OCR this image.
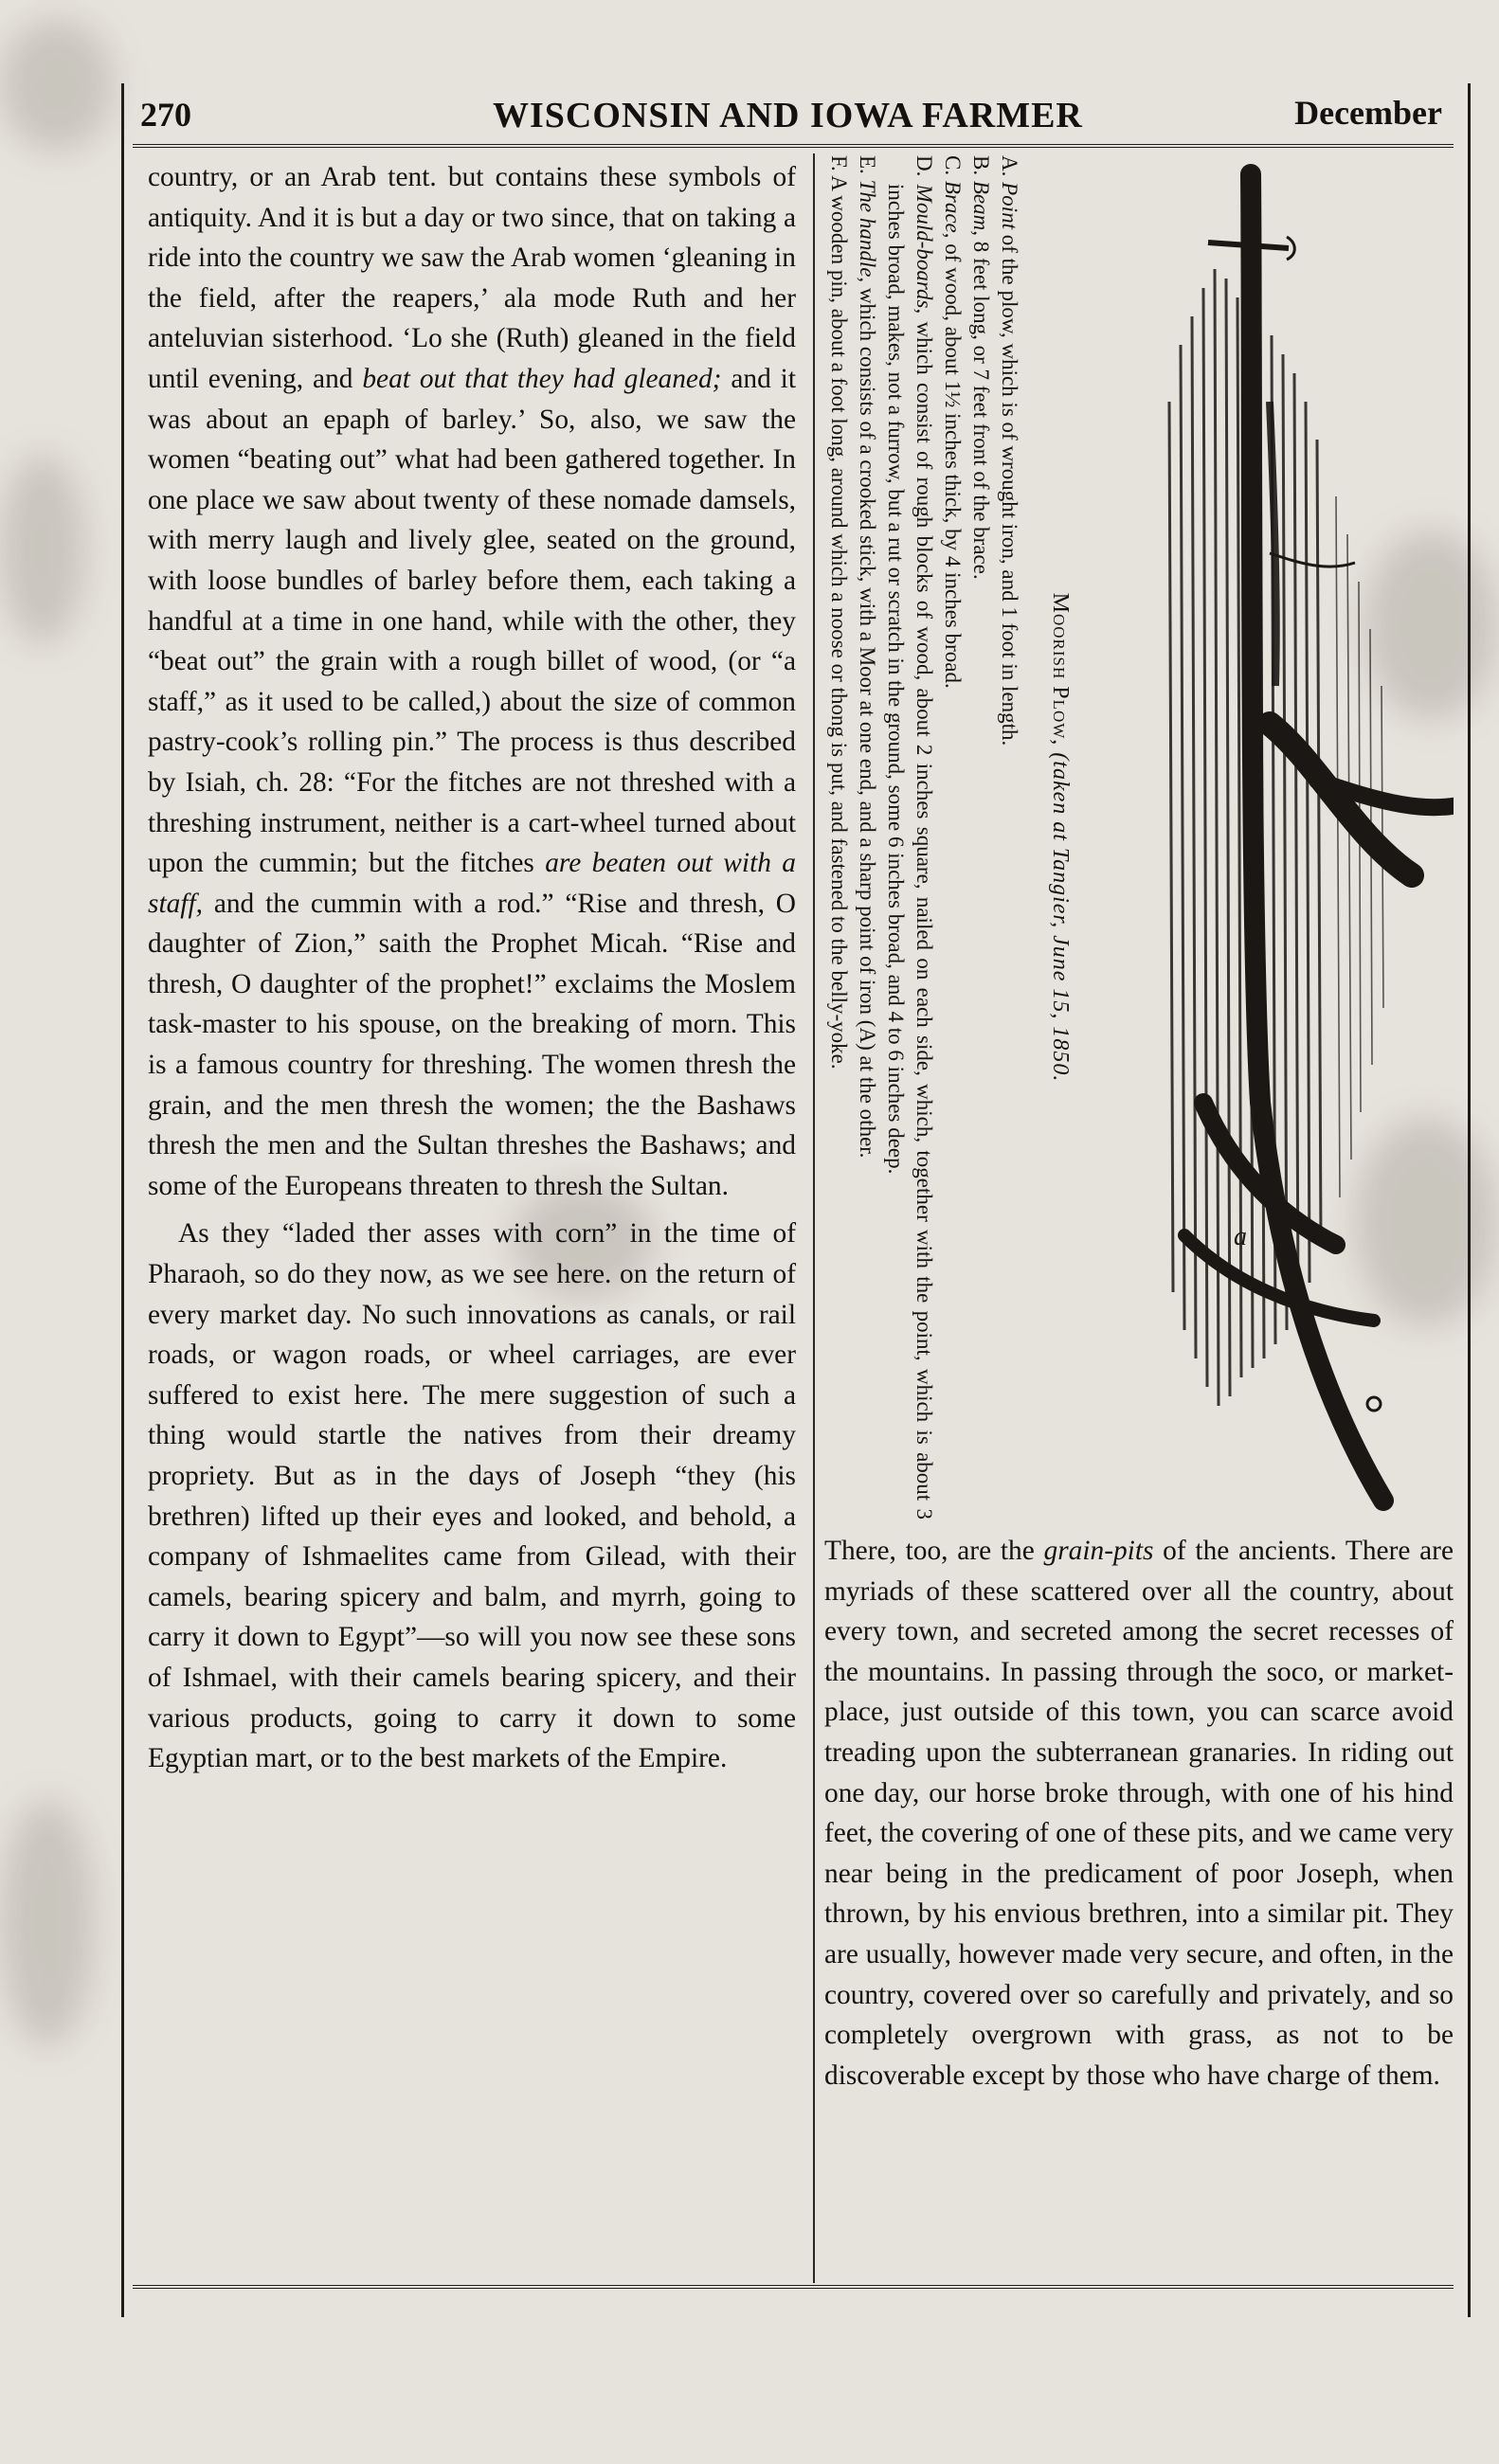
270	WISCONSIN AND IOWA FARMER	December

country, or an Arab tent. but contains these symbols of antiquity. And it is but a day or two since, that on taking a ride into the country we saw the Arab women ‘gleaning in the field, after the reapers,’ ala mode Ruth and her anteluvian sisterhood. ‘Lo she (Ruth) gleaned in the field until evening, and beat out that they had gleaned; and it was about an epaph of barley.’ So, also, we saw the women “beating out” what had been gathered together. In one place we saw about twenty of these nomade damsels, with merry laugh and lively glee, seated on the ground, with loose bundles of barley before them, each taking a handful at a time in one hand, while with the other, they “beat out” the grain with a rough billet of wood, (or “a staff,” as it used to be called,) about the size of common pastry-cook’s rolling pin.” The process is thus described by Isiah, ch. 28: “For the fitches are not threshed with a threshing instrument, neither is a cart-wheel turned about upon the cummin; but the fitches are beaten out with a staff, and the cummin with a rod.” “Rise and thresh, O daughter of Zion,” saith the Prophet Micah. “Rise and thresh, O daughter of the prophet!” exclaims the Moslem task-master to his spouse, on the breaking of morn. This is a famous country for threshing. The women thresh the grain, and the men thresh the women; the the Bashaws thresh the men and the Sultan threshes the Bashaws; and some of the Europeans threaten to thresh the Sultan.

As they “laded ther asses with corn” in the time of Pharaoh, so do they now, as we see here. on the return of every market day. No such innovations as canals, or rail roads, or wagon roads, or wheel carriages, are ever suffered to exist here. The mere suggestion of such a thing would startle the natives from their dreamy propriety. But as in the days of Joseph “they (his brethren) lifted up their eyes and looked, and behold, a company of Ishmaelites came from Gilead, with their camels, bearing spicery and balm, and myrrh, going to carry it down to Egypt”—so will you now see these sons of Ishmael, with their camels bearing spicery, and their various products, going to carry it down to some Egyptian mart, or to the best markets of the Empire.

a

Moorish Plow, (taken at Tangier, June 15, 1850.

A. Point of the plow, which is of wrought iron, and 1 foot in length.

B. Beam, 8 feet long, or 7 feet front of the brace.

C. Brace, of wood, about 1½ inches thick, by 4 inches broad.

D. Mould-boards, which consist of rough blocks of wood, about 2 inches square, nailed on each side, which, together with the point, which is about 3 inches broad, makes, not a furrow, but a rut or scratch in the ground, some 6 inches broad, and 4 to 6 inches deep.

E. The handle, which consists of a crooked stick, with a Moor at one end, and a sharp point of iron (A) at the other.

F. A wooden pin, about a foot long, around which a noose or thong is put, and fastened to the belly-yoke.

There, too, are the grain-pits of the ancients. There are myriads of these scattered over all the country, about every town, and secreted among the secret recesses of the mountains. In passing through the soco, or market-place, just outside of this town, you can scarce avoid treading upon the subterranean granaries. In riding out one day, our horse broke through, with one of his hind feet, the covering of one of these pits, and we came very near being in the predicament of poor Joseph, when thrown, by his envious brethren, into a similar pit. They are usually, however made very secure, and often, in the country, covered over so carefully and privately, and so completely overgrown with grass, as not to be discoverable except by those who have charge of them.
